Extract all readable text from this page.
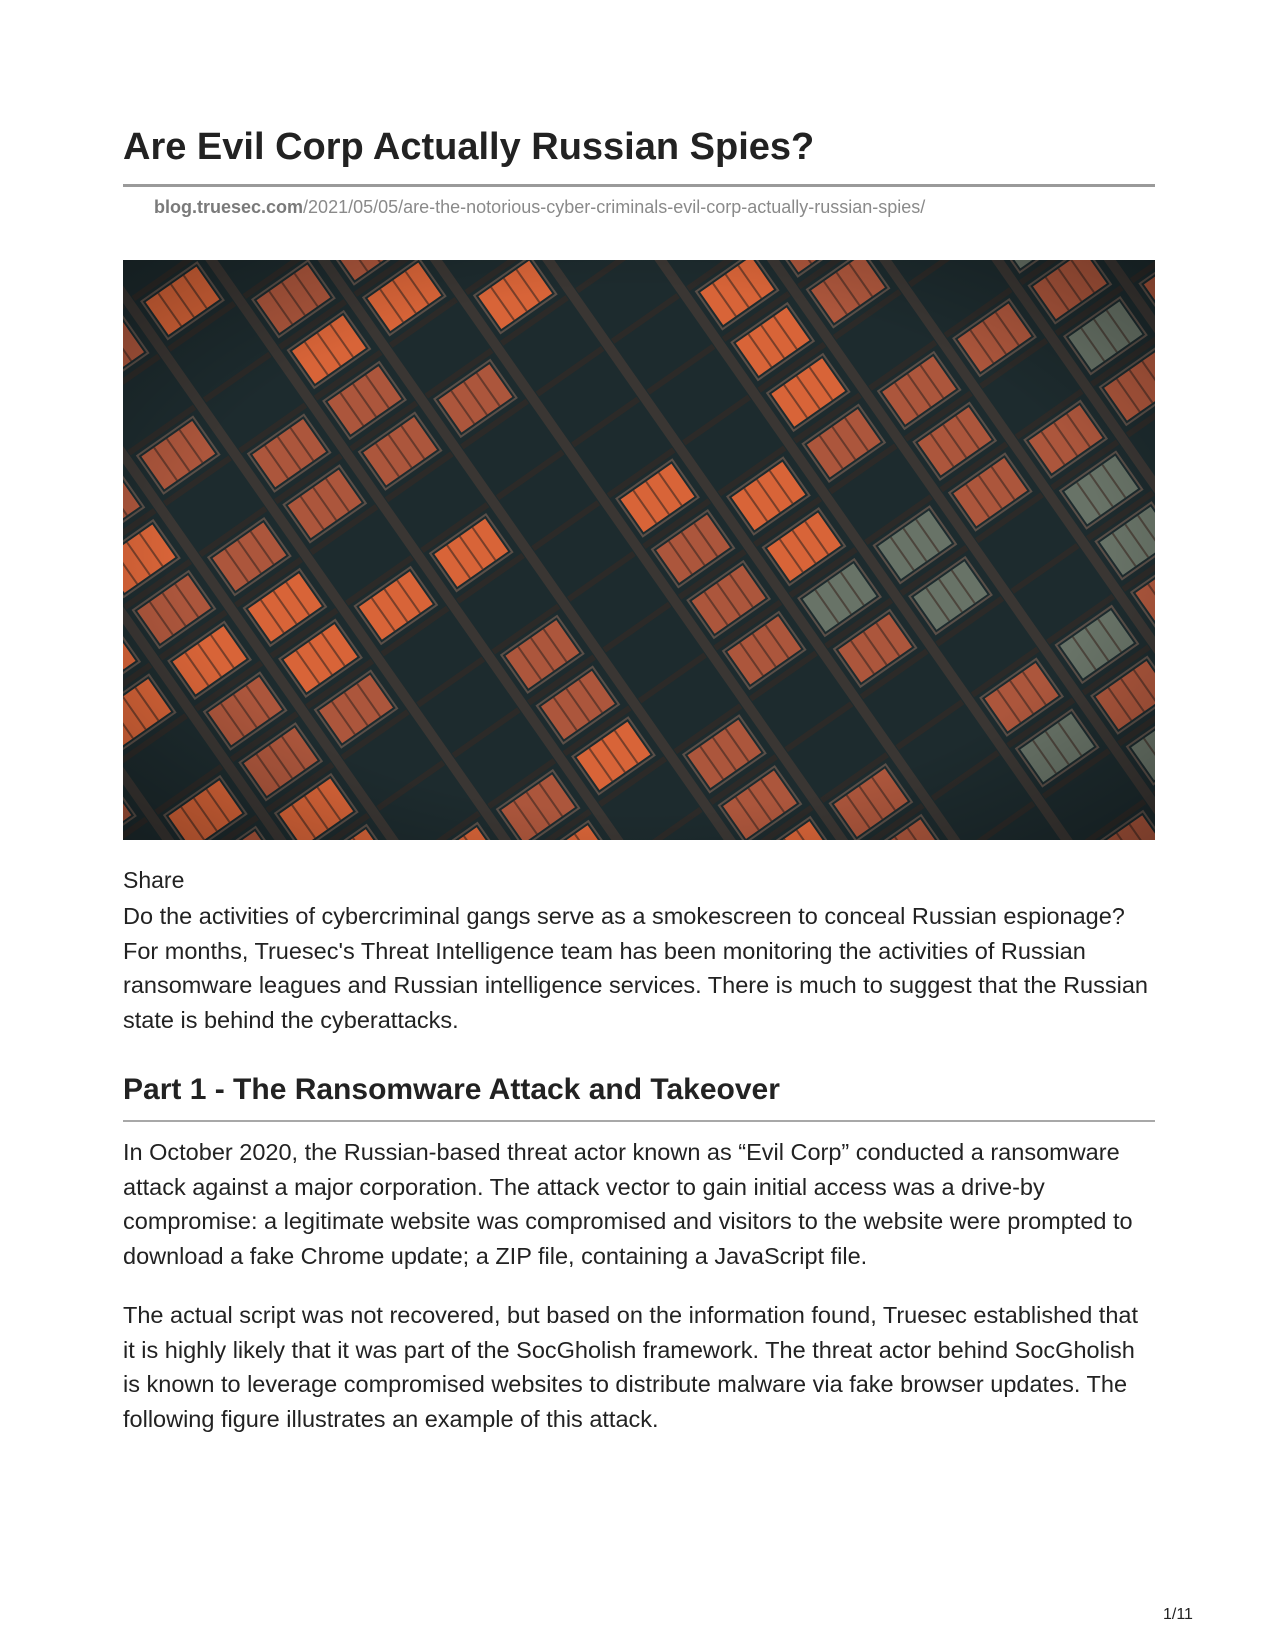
Are Evil Corp Actually Russian Spies?
blog.truesec.com/2021/05/05/are-the-notorious-cyber-criminals-evil-corp-actually-russian-spies/
Share

Do the activities of cybercriminal gangs serve as a smokescreen to conceal Russian espionage? For months, Truesec's Threat Intelligence team has been monitoring the activities of Russian ransomware leagues and Russian intelligence services. There is much to suggest that the Russian state is behind the cyberattacks.

Part 1 - The Ransomware Attack and Takeover

In October 2020, the Russian-based threat actor known as “Evil Corp” conducted a ransomware attack against a major corporation. The attack vector to gain initial access was a drive-by compromise: a legitimate website was compromised and visitors to the website were prompted to download a fake Chrome update; a ZIP file, containing a JavaScript file.

The actual script was not recovered, but based on the information found, Truesec established that it is highly likely that it was part of the SocGholish framework. The threat actor behind SocGholish is known to leverage compromised websites to distribute malware via fake browser updates. The following figure illustrates an example of this attack.

1/11
